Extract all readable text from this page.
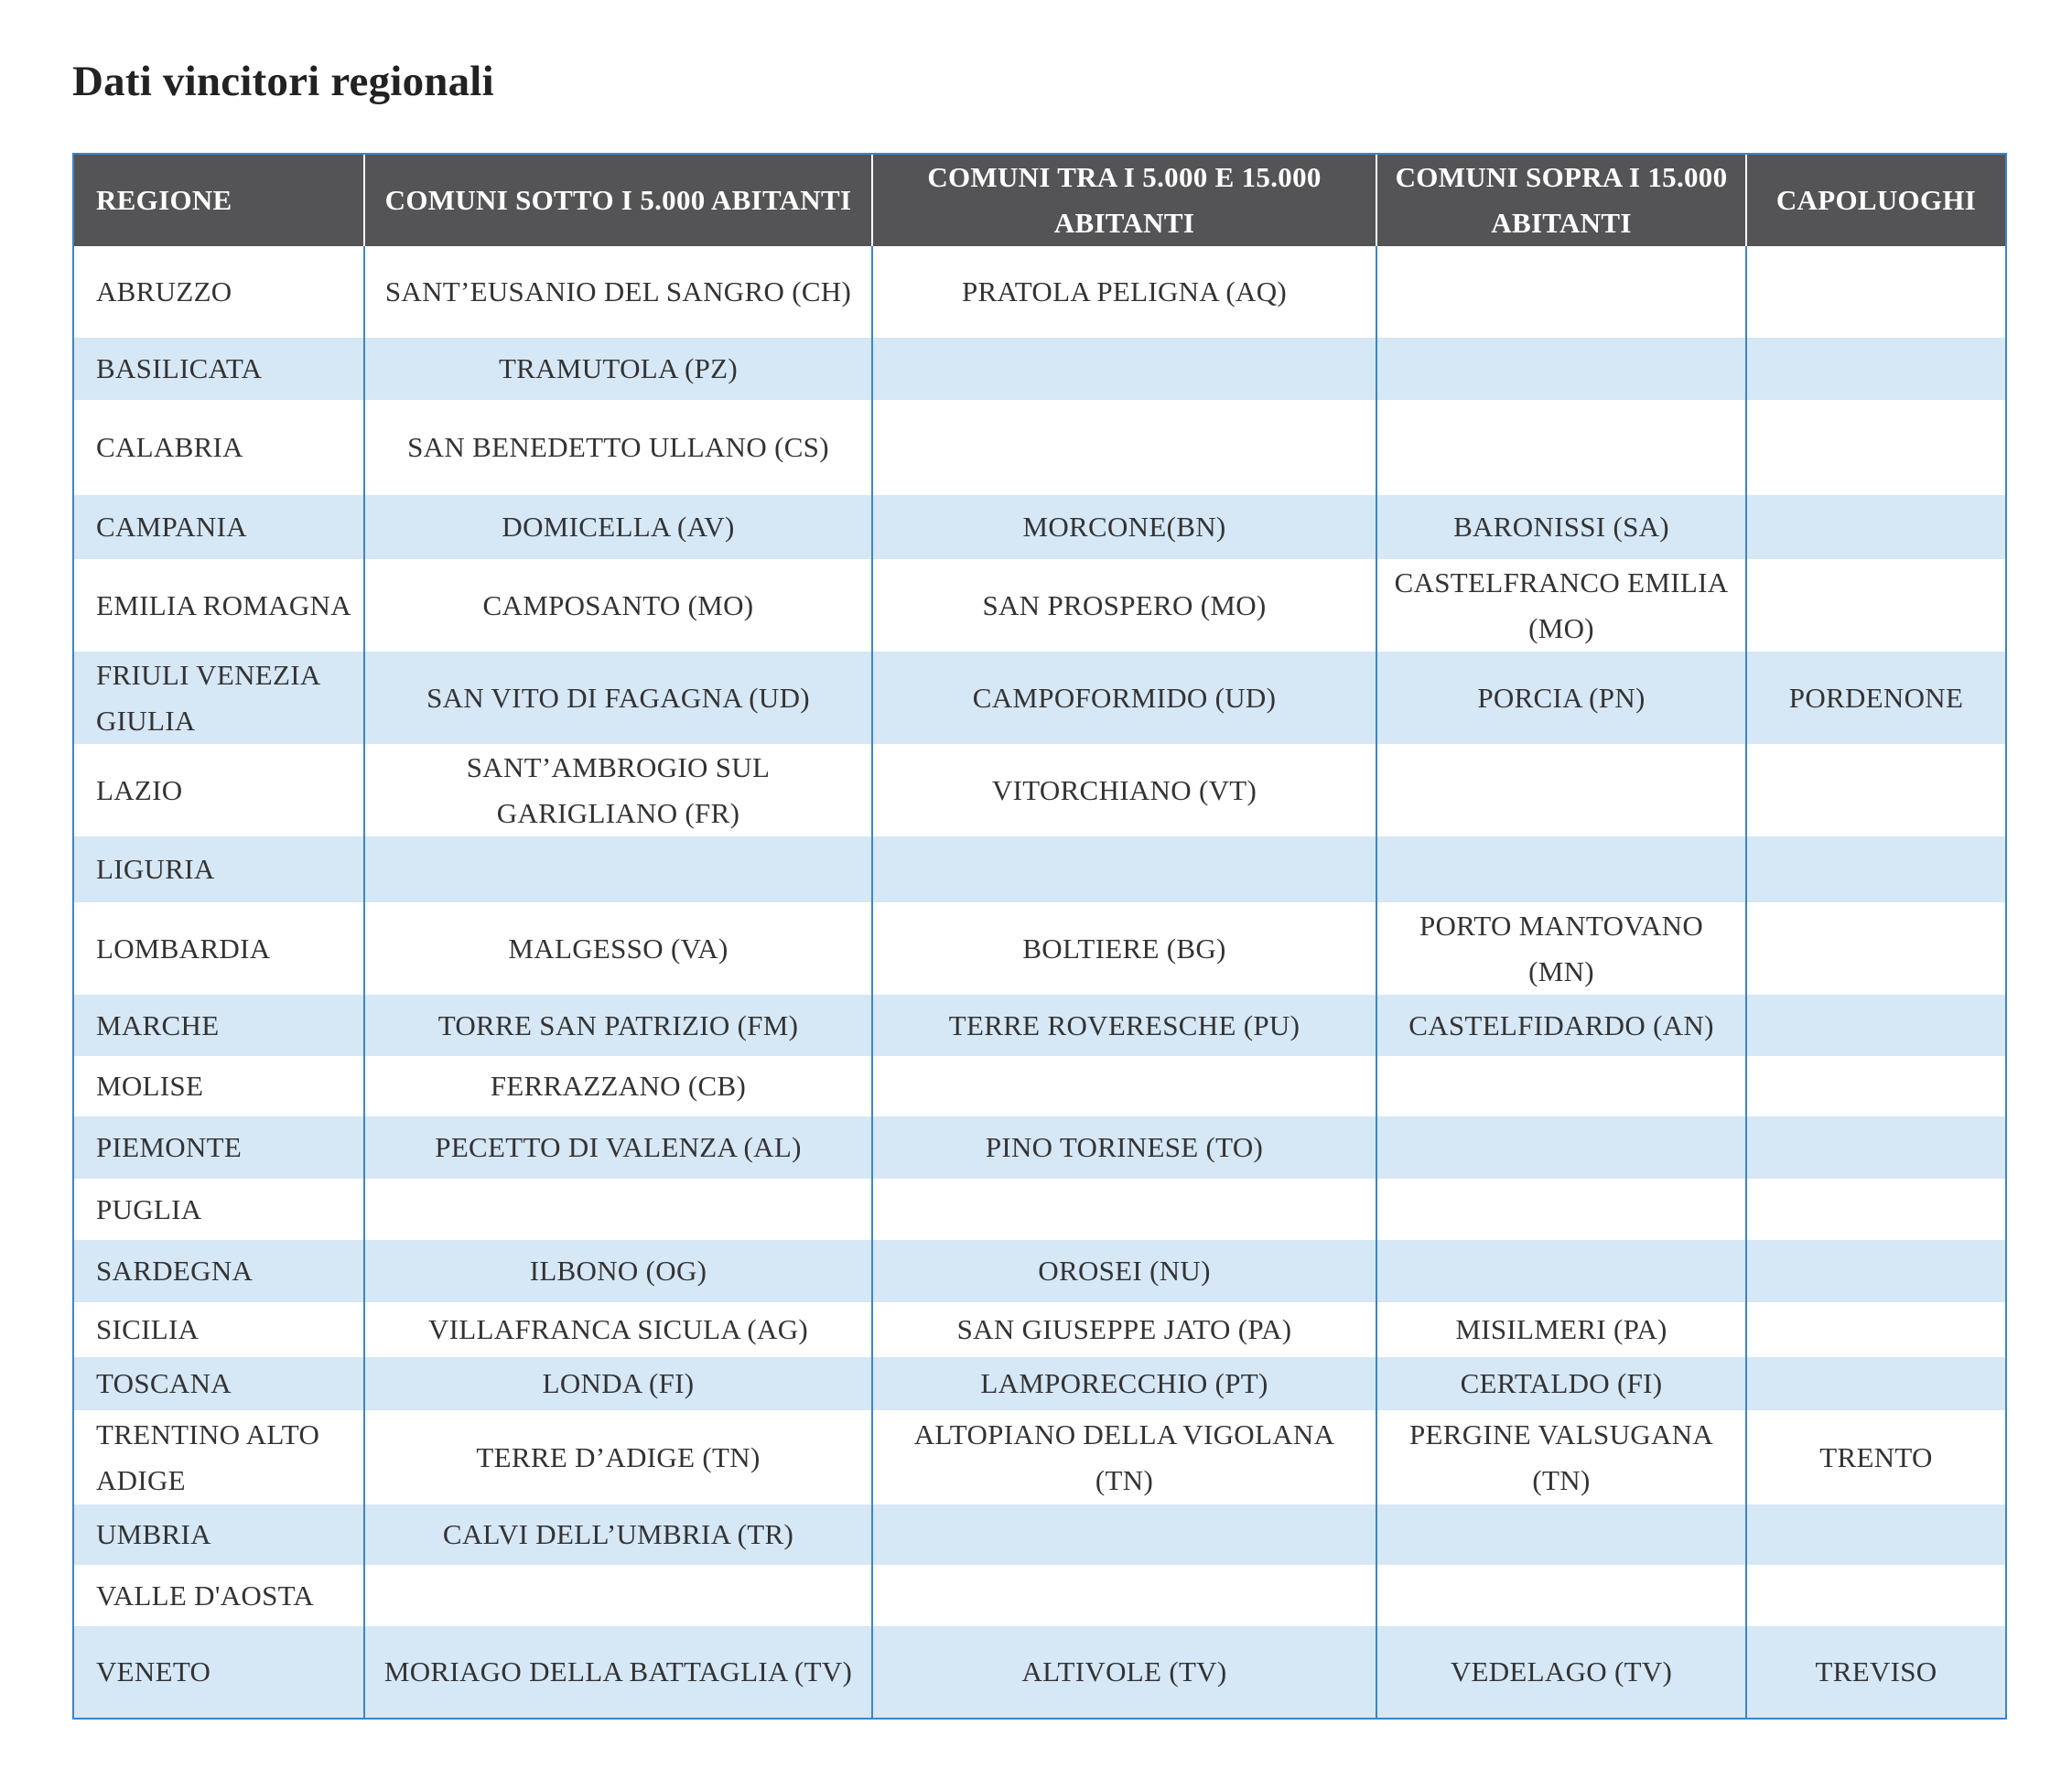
Dati vincitori regionali
REGIONE	COMUNI SOTTO I 5.000 ABITANTI	COMUNI TRA I 5.000 E 15.000 ABITANTI	COMUNI SOPRA I 15.000 ABITANTI	CAPOLUOGHI
ABRUZZO	SANT’EUSANIO DEL SANGRO (CH)	PRATOLA PELIGNA (AQ)		
BASILICATA	TRAMUTOLA (PZ)			
CALABRIA	SAN BENEDETTO ULLANO (CS)			
CAMPANIA	DOMICELLA (AV)	MORCONE(BN)	BARONISSI (SA)	
EMILIA ROMAGNA	CAMPOSANTO (MO)	SAN PROSPERO (MO)	CASTELFRANCO EMILIA (MO)	
FRIULI VENEZIA GIULIA	SAN VITO DI FAGAGNA (UD)	CAMPOFORMIDO (UD)	PORCIA (PN)	PORDENONE
LAZIO	SANT’AMBROGIO SUL GARIGLIANO (FR)	VITORCHIANO (VT)		
LIGURIA				
LOMBARDIA	MALGESSO (VA)	BOLTIERE (BG)	PORTO MANTOVANO (MN)	
MARCHE	TORRE SAN PATRIZIO (FM)	TERRE ROVERESCHE (PU)	CASTELFIDARDO (AN)	
MOLISE	FERRAZZANO (CB)			
PIEMONTE	PECETTO DI VALENZA (AL)	PINO TORINESE (TO)		
PUGLIA				
SARDEGNA	ILBONO (OG)	OROSEI (NU)		
SICILIA	VILLAFRANCA SICULA (AG)	SAN GIUSEPPE JATO (PA)	MISILMERI (PA)	
TOSCANA	LONDA (FI)	LAMPORECCHIO (PT)	CERTALDO (FI)	
TRENTINO ALTO ADIGE	TERRE D’ADIGE (TN)	ALTOPIANO DELLA VIGOLANA (TN)	PERGINE VALSUGANA (TN)	TRENTO
UMBRIA	CALVI DELL’UMBRIA (TR)			
VALLE D'AOSTA				
VENETO	MORIAGO DELLA BATTAGLIA (TV)	ALTIVOLE (TV)	VEDELAGO (TV)	TREVISO
